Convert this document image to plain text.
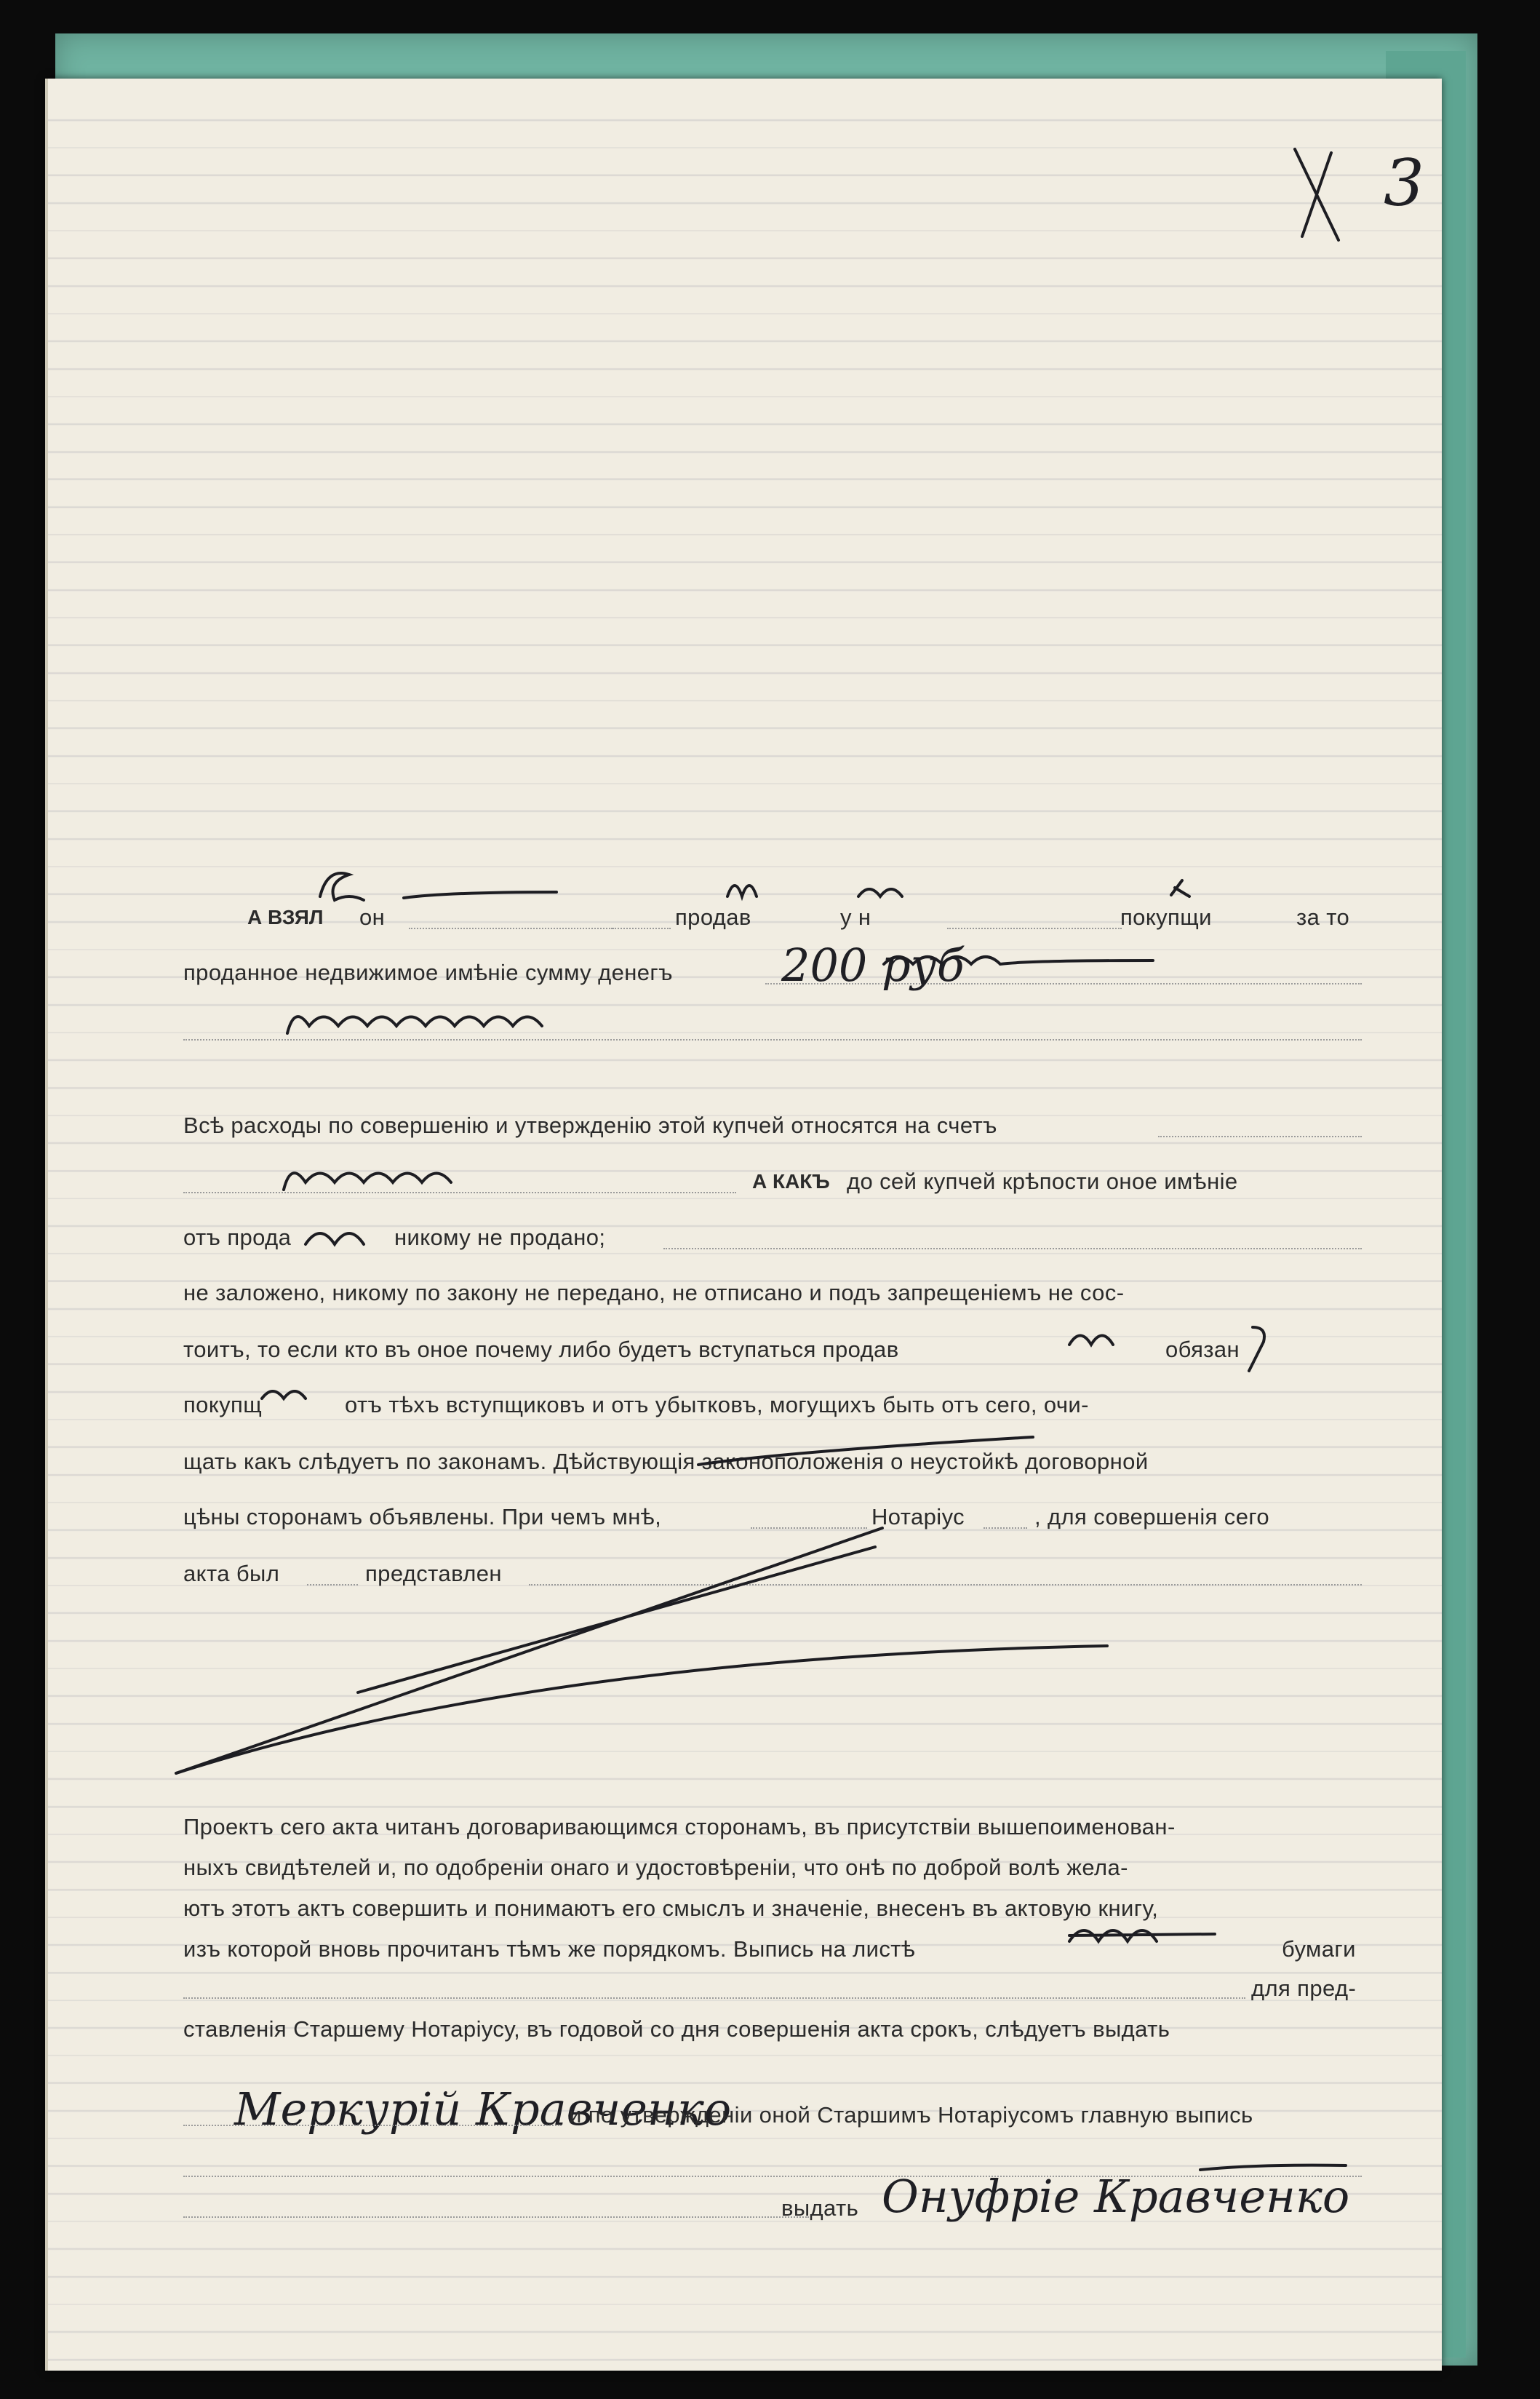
3
А ВЗЯЛ он	продав	у н	покупщи	за то
проданное недвижимое имѣніе сумму денегъ 200 руб
Всѣ расходы по совершенію и утвержденію этой купчей относятся на счетъ
А КАКЪ до сей купчей крѣпости оное имѣніе
отъ прода	никому не продано;
не заложено, никому по закону не передано, не отписано и подъ запрещеніемъ не сос-
тоитъ, то если кто въ оное почему либо будетъ вступаться продав	обязан
покупщ	отъ тѣхъ вступщиковъ и отъ убытковъ, могущихъ быть отъ сего, очи-
щать какъ слѣдуетъ по законамъ. Дѣйствующія законоположенія о неустойкѣ договорной
цѣны сторонамъ объявлены. При чемъ мнѣ,	Нотаріус	, для совершенія сего
акта был	представлен
Проектъ сего акта читанъ договаривающимся сторонамъ, въ присутствіи вышепоименован-
ныхъ свидѣтелей и, по одобреніи онаго и удостовѣреніи, что онѣ по доброй волѣ жела-
ютъ этотъ актъ совершить и понимаютъ его смыслъ и значеніе, внесенъ въ актовую книгу,
изъ которой вновь прочитанъ тѣмъ же порядкомъ. Выпись на листѣ	бумаги
для пред-
ставленія Старшему Нотаріусу, въ годовой со дня совершенія акта срокъ, слѣдуетъ выдать
Меркурій Кравченко
и по утвержденіи оной Старшимъ Нотаріусомъ главную выпись
выдать Онуфріе Кравченко
